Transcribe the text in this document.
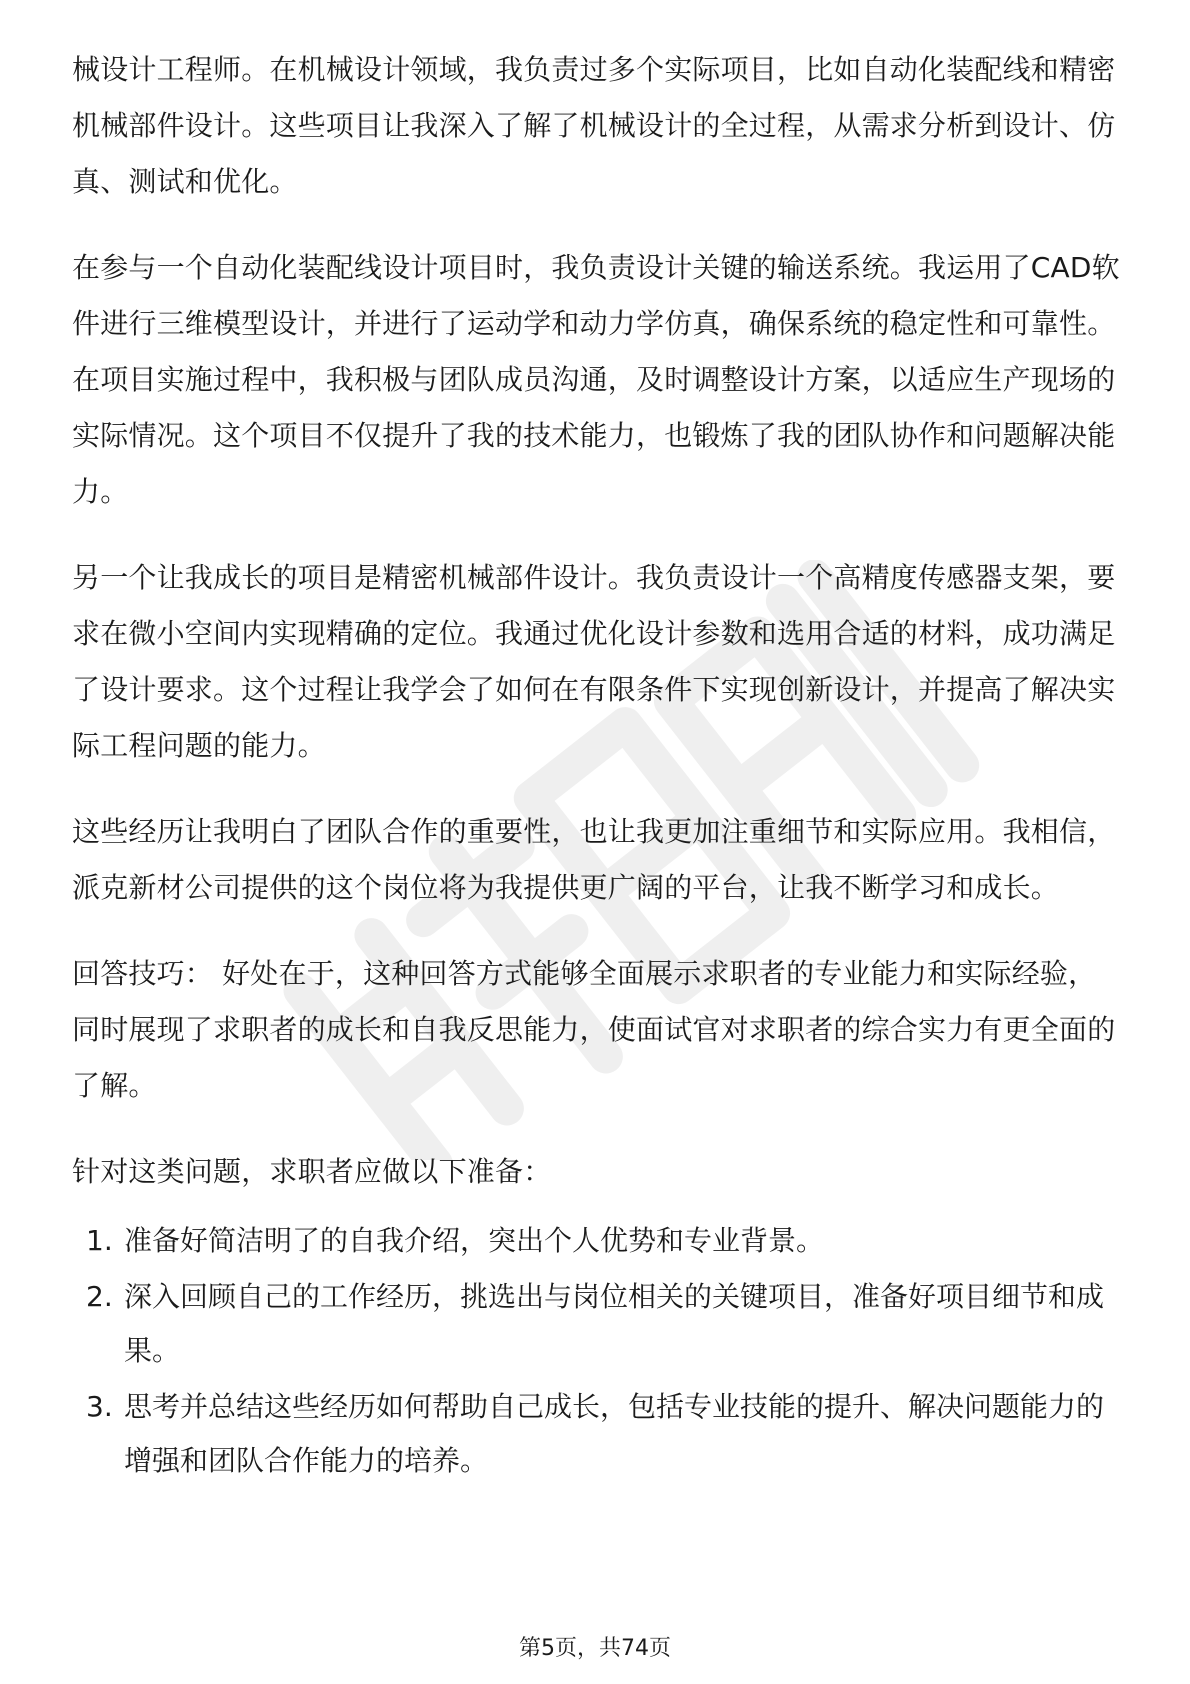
械设计工程师。在机械设计领域，我负责过多个实际项目，比如自动化装配线和精密机械部件设计。这些项目让我深入了解了机械设计的全过程，从需求分析到设计、仿真、测试和优化。

在参与一个自动化装配线设计项目时，我负责设计关键的输送系统。我运用了CAD软件进行三维模型设计，并进行了运动学和动力学仿真，确保系统的稳定性和可靠性。在项目实施过程中，我积极与团队成员沟通，及时调整设计方案，以适应生产现场的实际情况。这个项目不仅提升了我的技术能力，也锻炼了我的团队协作和问题解决能力。

另一个让我成长的项目是精密机械部件设计。我负责设计一个高精度传感器支架，要求在微小空间内实现精确的定位。我通过优化设计参数和选用合适的材料，成功满足了设计要求。这个过程让我学会了如何在有限条件下实现创新设计，并提高了解决实际工程问题的能力。

这些经历让我明白了团队合作的重要性，也让我更加注重细节和实际应用。我相信，派克新材公司提供的这个岗位将为我提供更广阔的平台，让我不断学习和成长。

回答技巧： 好处在于，这种回答方式能够全面展示求职者的专业能力和实际经验，同时展现了求职者的成长和自我反思能力，使面试官对求职者的综合实力有更全面的了解。

针对这类问题，求职者应做以下准备：

1. 准备好简洁明了的自我介绍，突出个人优势和专业背景。
2. 深入回顾自己的工作经历，挑选出与岗位相关的关键项目，准备好项目细节和成果。
3. 思考并总结这些经历如何帮助自己成长，包括专业技能的提升、解决问题能力的增强和团队合作能力的培养。
第5页，共74页
